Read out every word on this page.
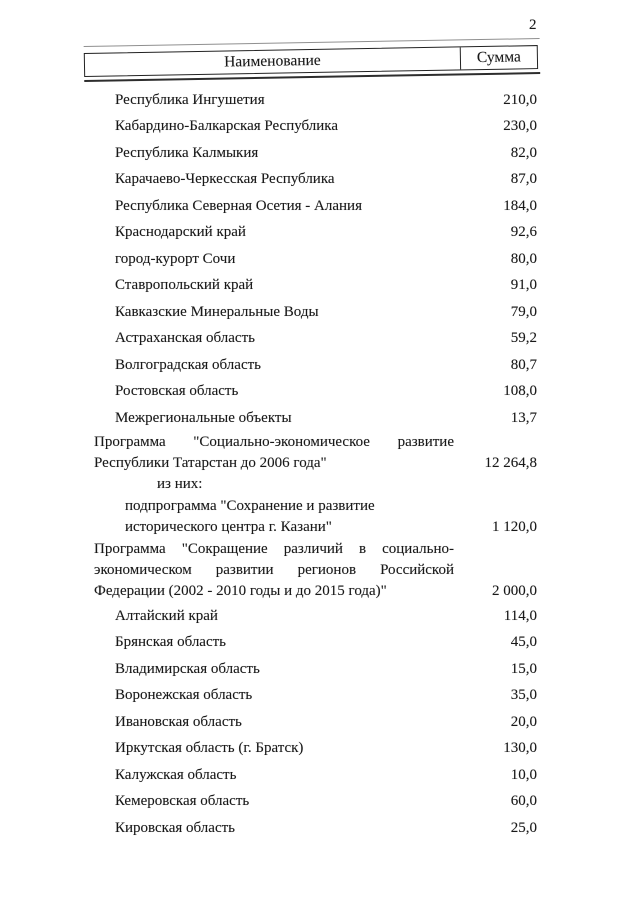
2
Наименование	Сумма
Республика Ингушетия	210,0
Кабардино-Балкарская Республика	230,0
Республика Калмыкия	82,0
Карачаево-Черкесская Республика	87,0
Республика Северная Осетия - Алания	184,0
Краснодарский край	92,6
город-курорт Сочи	80,0
Ставропольский край	91,0
Кавказские Минеральные Воды	79,0
Астраханская область	59,2
Волгоградская область	80,7
Ростовская область	108,0
Межрегиональные объекты	13,7
Программа "Социально-экономическое развитие
Республики Татарстан до 2006 года"	12 264,8
из них:
подпрограмма "Сохранение и развитие
исторического центра г. Казани"	1 120,0
Программа "Сокращение различий в социально-
экономическом развитии регионов Российской
Федерации (2002 - 2010 годы и до 2015 года)"	2 000,0
Алтайский край	114,0
Брянская область	45,0
Владимирская область	15,0
Воронежская область	35,0
Ивановская область	20,0
Иркутская область (г. Братск)	130,0
Калужская область	10,0
Кемеровская область	60,0
Кировская область	25,0
